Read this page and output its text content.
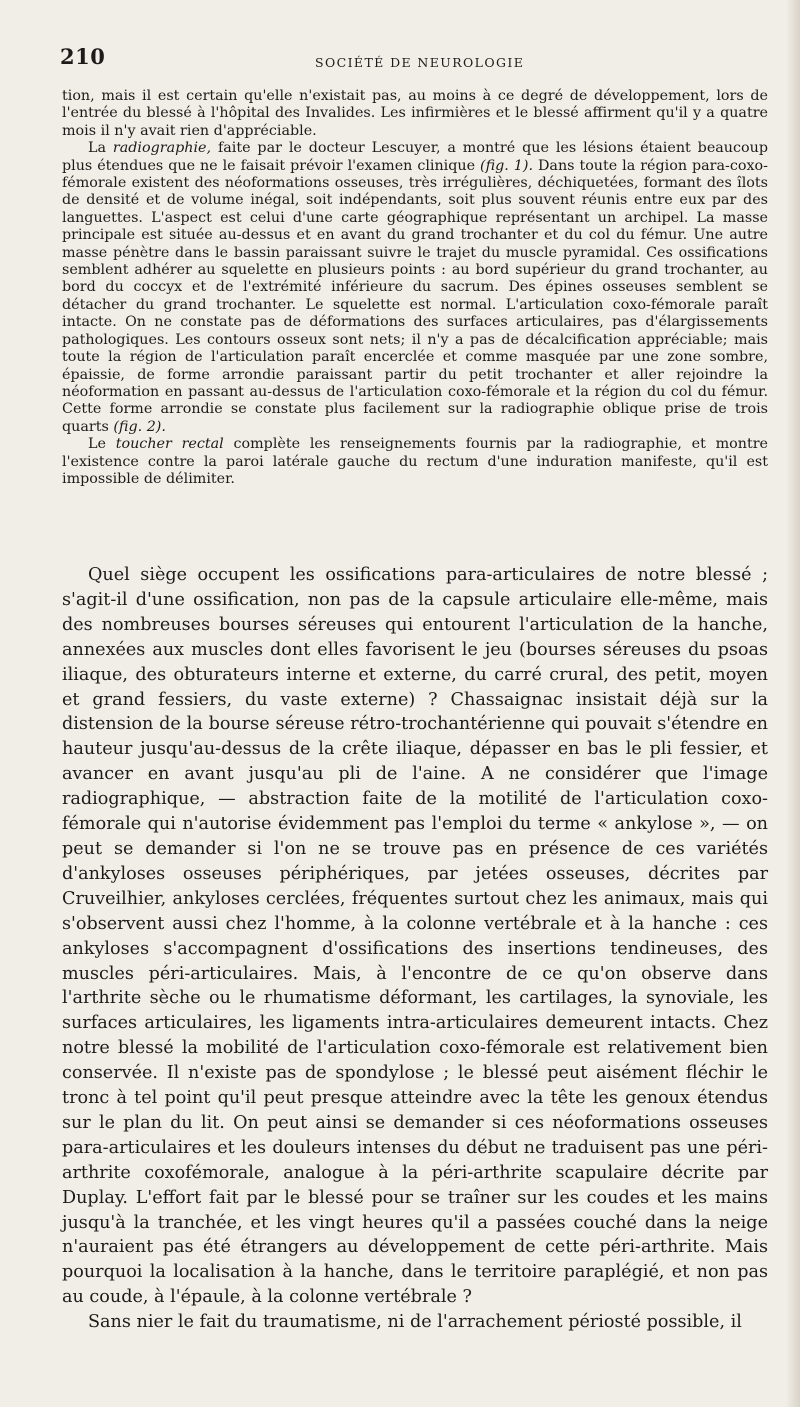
210	SOCIÉTÉ DE NEUROLOGIE

tion, mais il est certain qu'elle n'existait pas, au moins à ce degré de développement, lors de l'entrée du blessé à l'hôpital des Invalides. Les infirmières et le blessé affirment qu'il y a quatre mois il n'y avait rien d'appréciable.

La radiographie, faite par le docteur Lescuyer, a montré que les lésions étaient beaucoup plus étendues que ne le faisait prévoir l'examen clinique (fig. 1). Dans toute la région para-coxo-fémorale existent des néoformations osseuses, très irrégulières, déchiquetées, formant des îlots de densité et de volume inégal, soit indépendants, soit plus souvent réunis entre eux par des languettes. L'aspect est celui d'une carte géographique représentant un archipel. La masse principale est située au-dessus et en avant du grand trochanter et du col du fémur. Une autre masse pénètre dans le bassin paraissant suivre le trajet du muscle pyramidal. Ces ossifications semblent adhérer au squelette en plusieurs points : au bord supérieur du grand trochanter, au bord du coccyx et de l'extrémité inférieure du sacrum. Des épines osseuses semblent se détacher du grand trochanter. Le squelette est normal. L'articulation coxo-fémorale paraît intacte. On ne constate pas de déformations des surfaces articulaires, pas d'élargissements pathologiques. Les contours osseux sont nets; il n'y a pas de décalcification appréciable; mais toute la région de l'articulation paraît encerclée et comme masquée par une zone sombre, épaissie, de forme arrondie paraissant partir du petit trochanter et aller rejoindre la néoformation en passant au-dessus de l'articulation coxo-fémorale et la région du col du fémur. Cette forme arrondie se constate plus facilement sur la radiographie oblique prise de trois quarts (fig. 2).

Le toucher rectal complète les renseignements fournis par la radiographie, et montre l'existence contre la paroi latérale gauche du rectum d'une induration manifeste, qu'il est impossible de délimiter.

Quel siège occupent les ossifications para-articulaires de notre blessé ; s'agit-il d'une ossification, non pas de la capsule articulaire elle-même, mais des nombreuses bourses séreuses qui entourent l'articulation de la hanche, annexées aux muscles dont elles favorisent le jeu (bourses séreuses du psoas iliaque, des obturateurs interne et externe, du carré crural, des petit, moyen et grand fessiers, du vaste externe) ? Chassaignac insistait déjà sur la distension de la bourse séreuse rétro-trochantérienne qui pouvait s'étendre en hauteur jusqu'au-dessus de la crête iliaque, dépasser en bas le pli fessier, et avancer en avant jusqu'au pli de l'aine. A ne considérer que l'image radiographique, — abstraction faite de la motilité de l'articulation coxo-fémorale qui n'autorise évidemment pas l'emploi du terme « ankylose », — on peut se demander si l'on ne se trouve pas en présence de ces variétés d'ankyloses osseuses périphériques, par jetées osseuses, décrites par Cruveilhier, ankyloses cerclées, fréquentes surtout chez les animaux, mais qui s'observent aussi chez l'homme, à la colonne vertébrale et à la hanche : ces ankyloses s'accompagnent d'ossifications des insertions tendineuses, des muscles péri-articulaires. Mais, à l'encontre de ce qu'on observe dans l'arthrite sèche ou le rhumatisme déformant, les cartilages, la synoviale, les surfaces articulaires, les ligaments intra-articulaires demeurent intacts. Chez notre blessé la mobilité de l'articulation coxo-fémorale est relativement bien conservée. Il n'existe pas de spondylose ; le blessé peut aisément fléchir le tronc à tel point qu'il peut presque atteindre avec la tête les genoux étendus sur le plan du lit. On peut ainsi se demander si ces néoformations osseuses para-articulaires et les douleurs intenses du début ne traduisent pas une péri-arthrite coxofémorale, analogue à la péri-arthrite scapulaire décrite par Duplay. L'effort fait par le blessé pour se traîner sur les coudes et les mains jusqu'à la tranchée, et les vingt heures qu'il a passées couché dans la neige n'auraient pas été étrangers au développement de cette péri-arthrite. Mais pourquoi la localisation à la hanche, dans le territoire paraplégié, et non pas au coude, à l'épaule, à la colonne vertébrale ?

Sans nier le fait du traumatisme, ni de l'arrachement périosté possible, il
